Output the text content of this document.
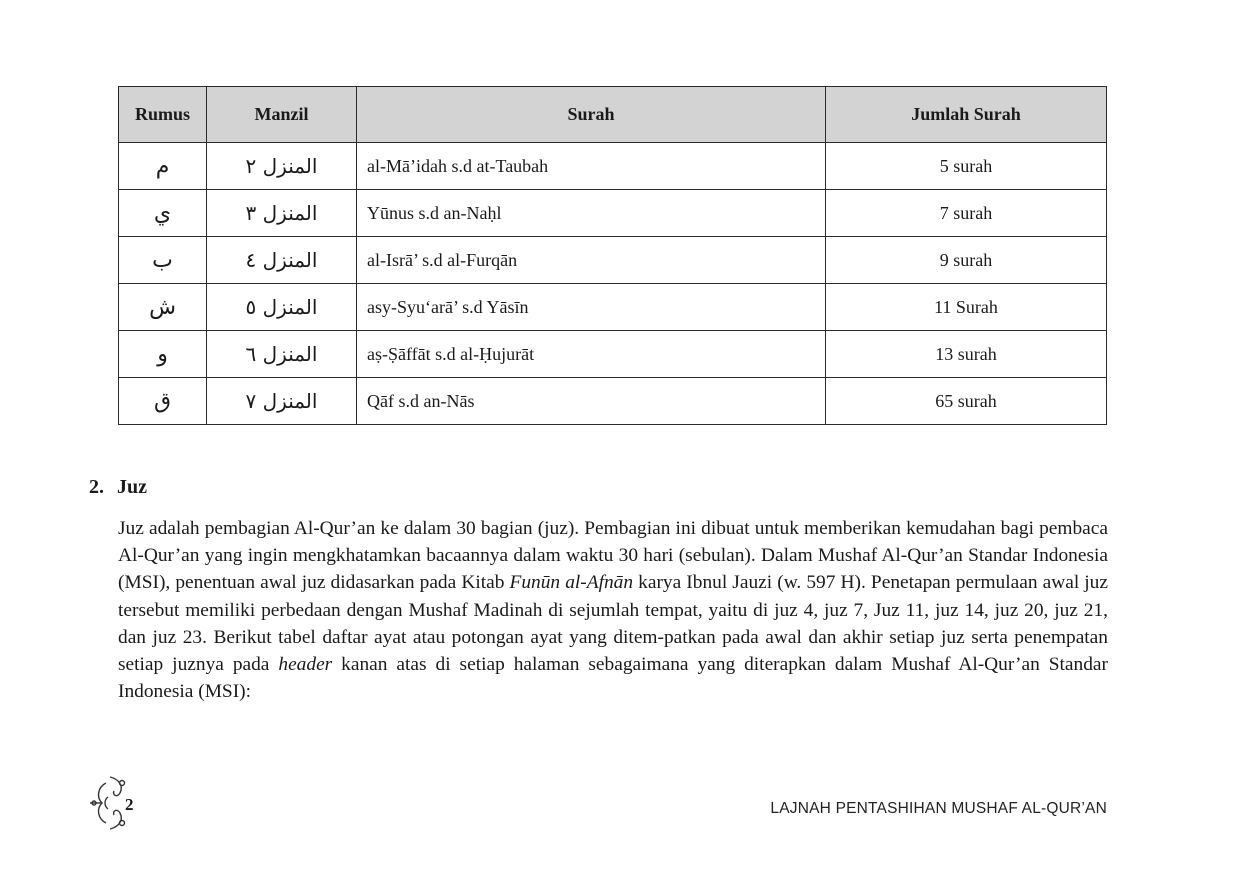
Rumus	Manzil	Surah	Jumlah Surah
م	المنزل ٢	al-Mā’idah s.d at-Taubah	5 surah
ي	المنزل ٣	Yūnus s.d an-Naḥl	7 surah
ب	المنزل ٤	al-Isrā’ s.d al-Furqān	9 surah
ش	المنزل ٥	asy-Syu‘arā’ s.d Yāsīn	11 Surah
و	المنزل ٦	aṣ-Ṣāffāt s.d al-Ḥujurāt	13 surah
ق	المنزل ٧	Qāf s.d an-Nās	65 surah
2. Juz

Juz adalah pembagian Al-Qur’an ke dalam 30 bagian (juz). Pembagian ini dibuat untuk memberikan kemudahan bagi pembaca Al-Qur’an yang ingin mengkhatamkan bacaannya dalam waktu 30 hari (sebulan). Dalam Mushaf Al-Qur’an Standar Indonesia (MSI), penentuan awal juz didasarkan pada Kitab Funūn al-Afnān karya Ibnul Jauzi (w. 597 H). Penetapan permulaan awal juz tersebut memiliki perbedaan dengan Mushaf Madinah di sejumlah tempat, yaitu di juz 4, juz 7, Juz 11, juz 14, juz 20, juz 21, dan juz 23. Berikut tabel daftar ayat atau potongan ayat yang ditem-patkan pada awal dan akhir setiap juz serta penempatan setiap juznya pada header kanan atas di setiap halaman sebagaimana yang diterapkan dalam Mushaf Al-Qur’an Standar Indonesia (MSI):

2	LAJNAH PENTASHIHAN MUSHAF AL-QUR’AN
